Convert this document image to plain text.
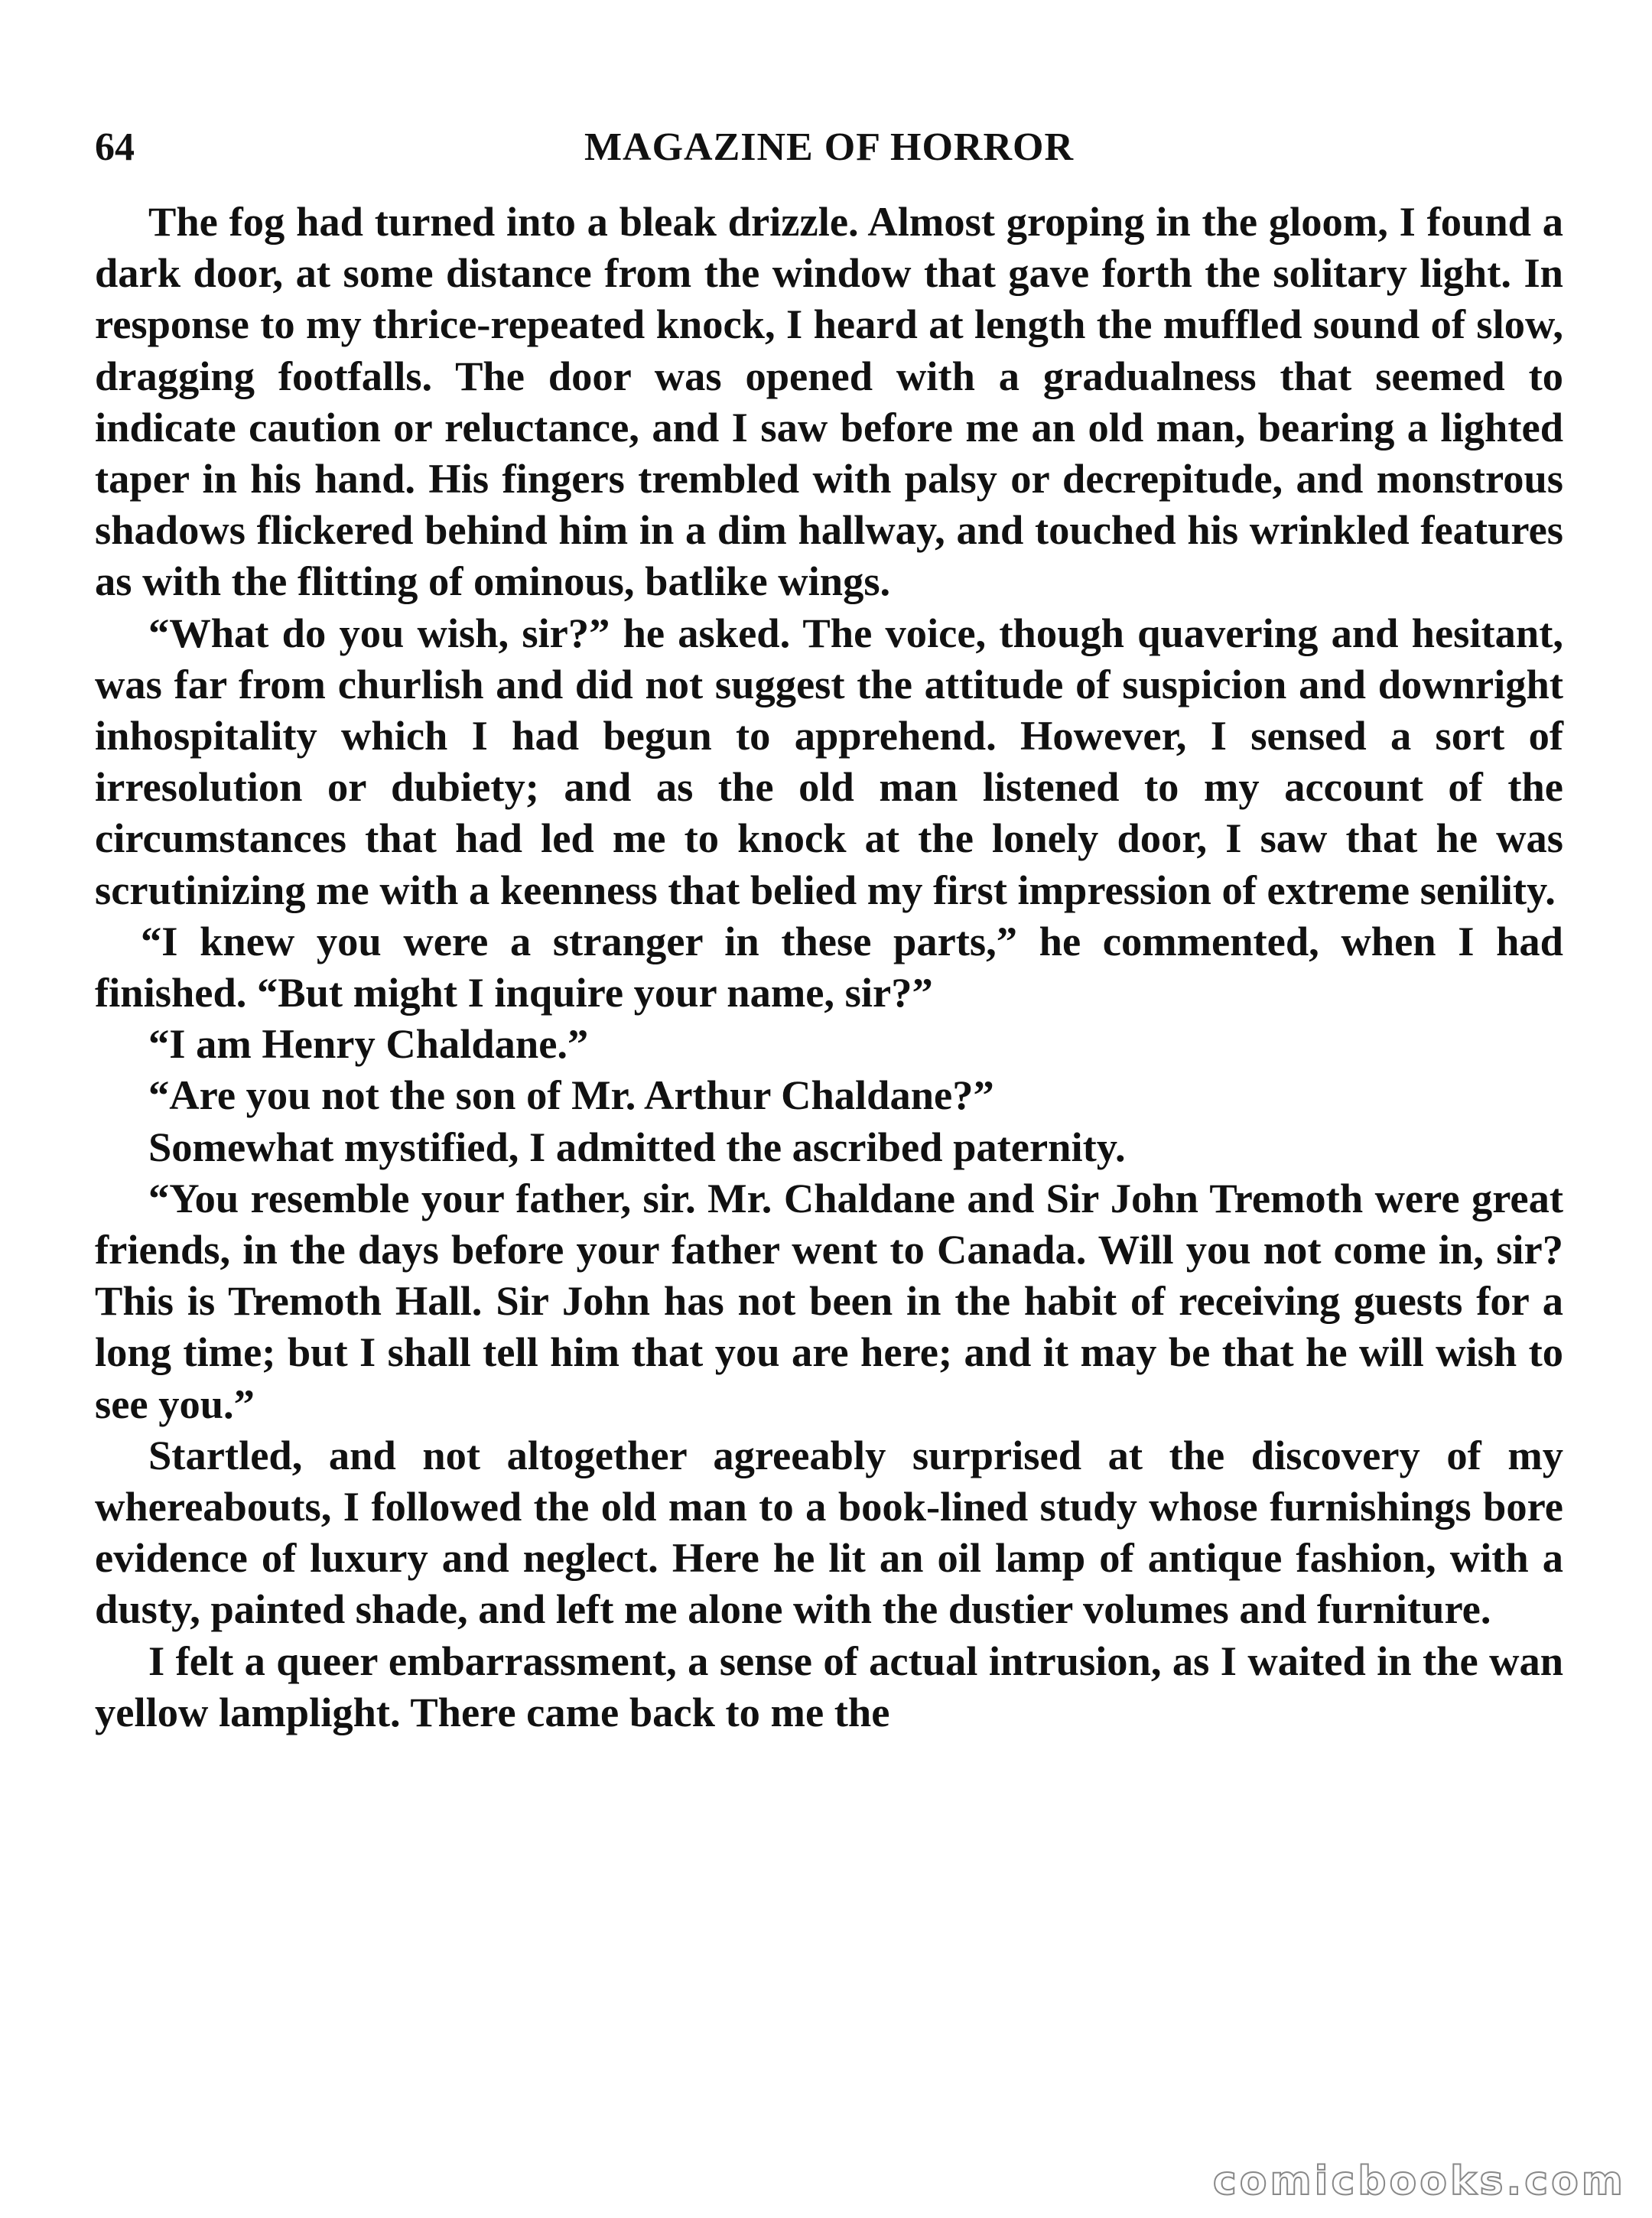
64	MAGAZINE OF HORROR

The fog had turned into a bleak drizzle. Almost groping in the gloom, I found a dark door, at some distance from the window that gave forth the solitary light. In response to my thrice-repeated knock, I heard at length the muffled sound of slow, dragging footfalls. The door was opened with a gradualness that seemed to indicate caution or reluctance, and I saw before me an old man, bearing a lighted taper in his hand. His fingers trembled with palsy or decrepitude, and monstrous shadows flickered behind him in a dim hallway, and touched his wrinkled features as with the flitting of ominous, batlike wings.

“What do you wish, sir?” he asked. The voice, though quavering and hesitant, was far from churlish and did not suggest the attitude of suspicion and downright inhospitality which I had begun to apprehend. However, I sensed a sort of irresolution or dubiety; and as the old man listened to my account of the circumstances that had led me to knock at the lonely door, I saw that he was scrutinizing me with a keenness that belied my first impression of extreme senility.

“I knew you were a stranger in these parts,” he commented, when I had finished. “But might I inquire your name, sir?”

“I am Henry Chaldane.”

“Are you not the son of Mr. Arthur Chaldane?”

Somewhat mystified, I admitted the ascribed paternity.

“You resemble your father, sir. Mr. Chaldane and Sir John Tremoth were great friends, in the days before your father went to Canada. Will you not come in, sir? This is Tremoth Hall. Sir John has not been in the habit of receiving guests for a long time; but I shall tell him that you are here; and it may be that he will wish to see you.”

Startled, and not altogether agreeably surprised at the discovery of my whereabouts, I followed the old man to a book-lined study whose furnishings bore evidence of luxury and neglect. Here he lit an oil lamp of antique fashion, with a dusty, painted shade, and left me alone with the dustier volumes and furniture.

I felt a queer embarrassment, a sense of actual intrusion, as I waited in the wan yellow lamplight. There came back to me the

comicbooks.com
